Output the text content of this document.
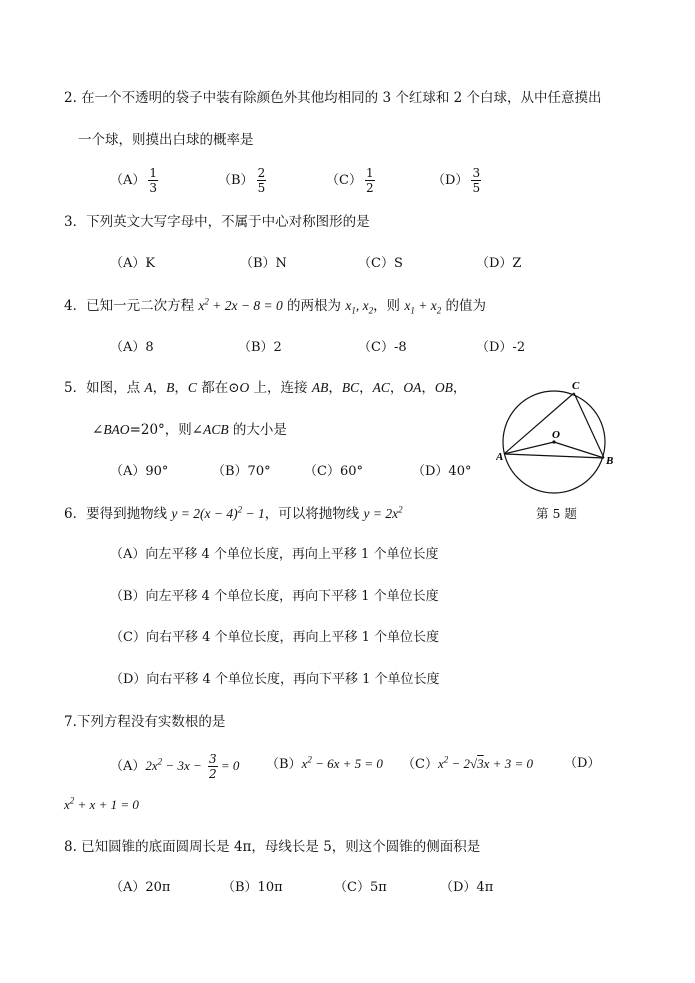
2. 在一个不透明的袋子中装有除颜色外其他均相同的 3 个红球和 2 个白球，从中任意摸出
一个球，则摸出白球的概率是
$(A) \frac{1}{3}$	$(B) \frac{2}{5}$	$(C) \frac{1}{2}$	$(D) \frac{3}{5}$
3．下列英文大写字母中，不属于中心对称图形的是
（A）K	（B）N	（C）S	（D）Z
4．已知一元二次方程 $x^2 + 2x - 8 = 0$ 的两根为 $x_1$, $x_2$，则 $x_1 + x_2$ 的值为
（A）8	（B）2	（C）-8	（D）-2
5．如图，点 A，B，C 都在⊙O 上，连接 AB，BC，AC，OA，OB，
∠BAO=20°，则∠ACB 的大小是
（A）90°	（B）70°	（C）60°	（D）40°
A	B
C
O
第 5 题
6．要得到抛物线 $y = 2(x - 4)^2 - 1$，可以将抛物线 $y = 2x^2$
（A）向左平移 4 个单位长度，再向上平移 1 个单位长度
（B）向左平移 4 个单位长度，再向下平移 1 个单位长度
（C）向右平移 4 个单位长度，再向上平移 1 个单位长度
（D）向右平移 4 个单位长度，再向下平移 1 个单位长度
7.下列方程没有实数根的是
$(A)2x^2 - 3x - \frac{3}{2} = 0$ $(B)x^2 - 6x + 5 = 0$ $(C)x^2 - 2√3x + 3 = 0$ （D）
$x^2 + x + 1 = 0$
8. 已知圆锥的底面圆周长是 4π，母线长是 5，则这个圆锥的侧面积是
（A）20π	（B）10π	（C）5π	（D）4π
